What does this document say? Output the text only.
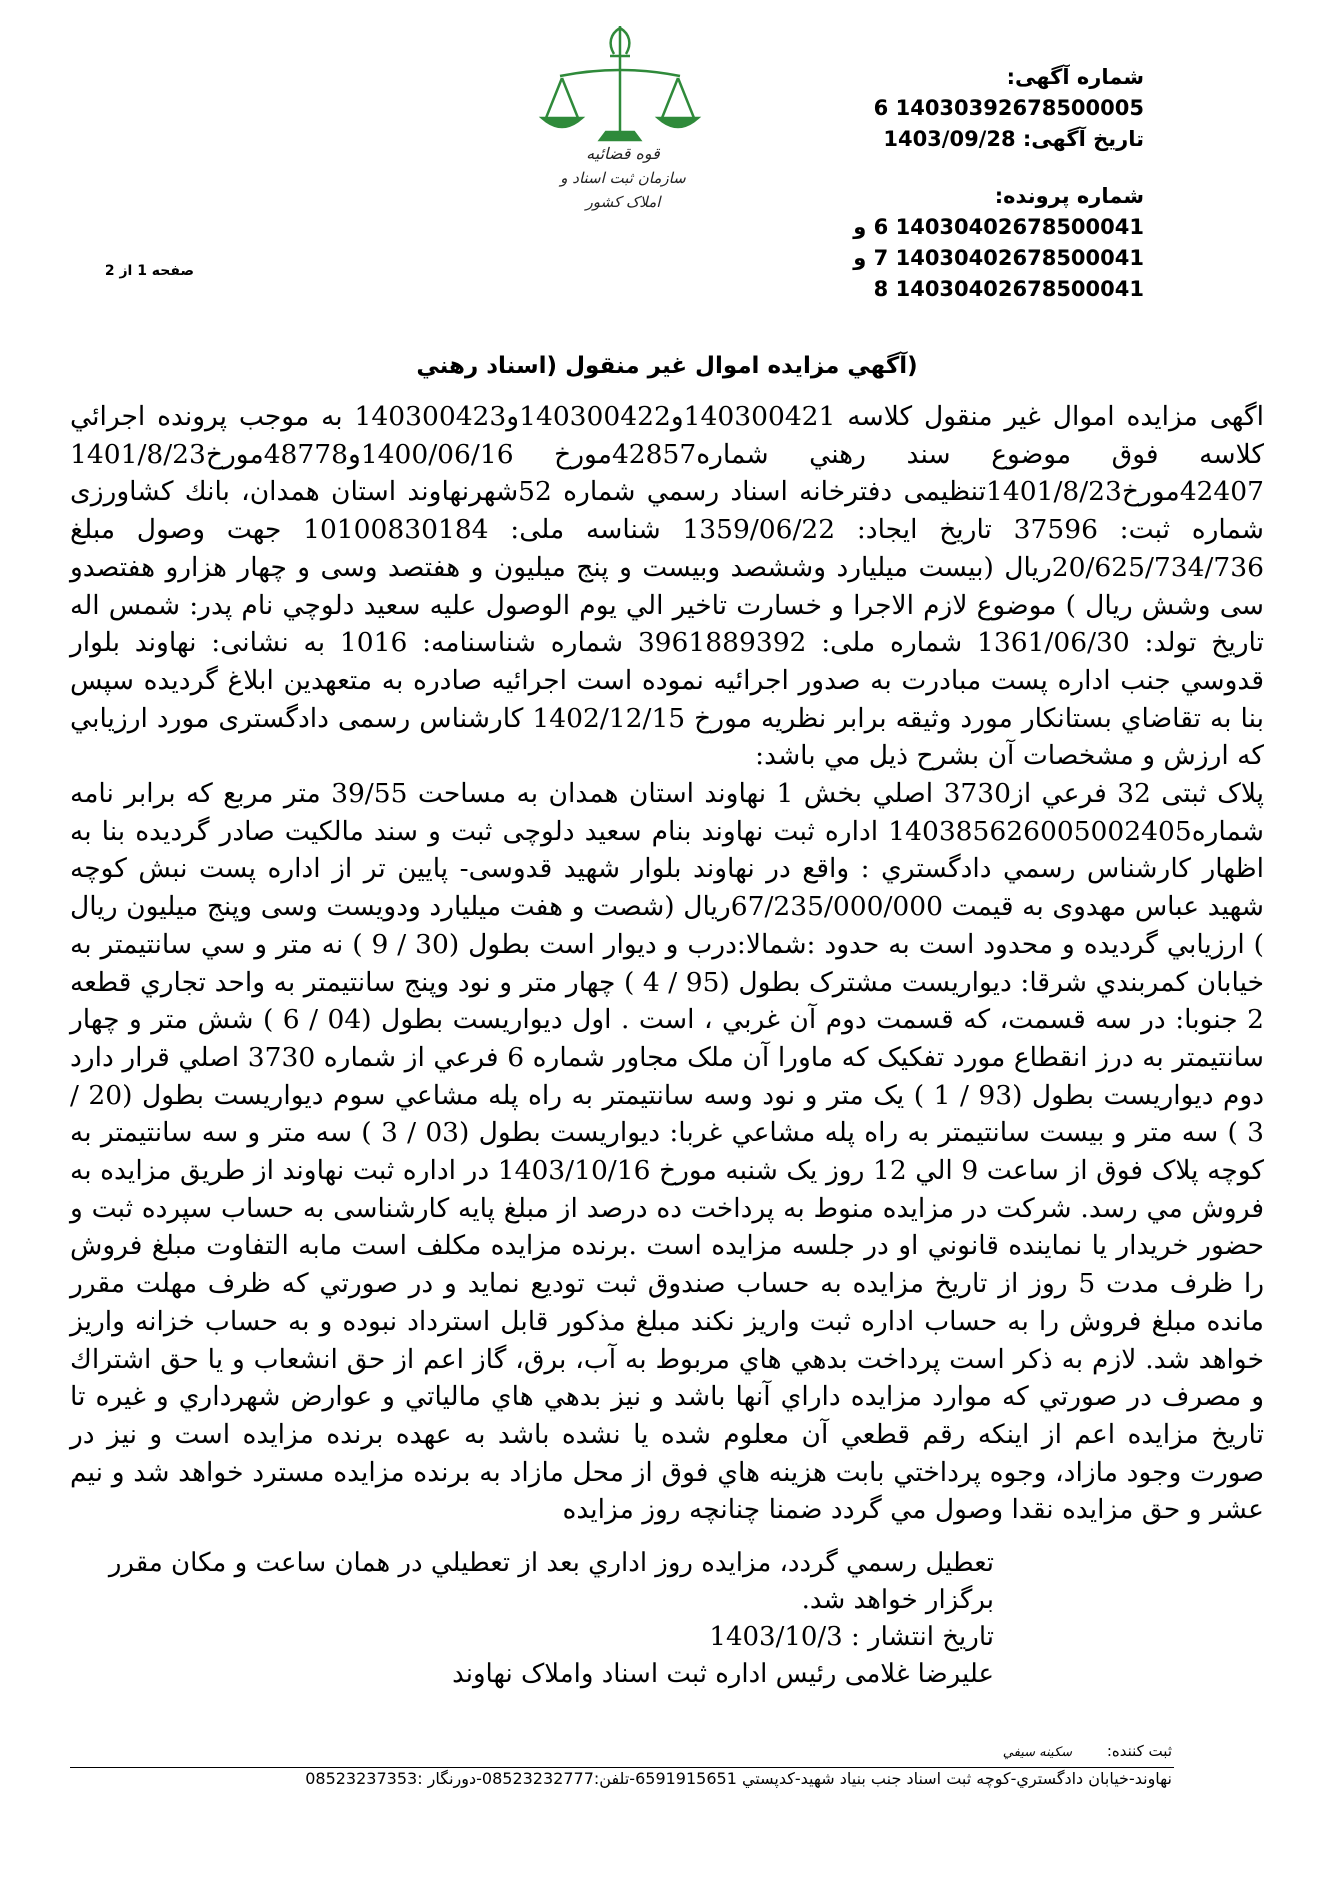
قوه قضائيه
سازمان ثبت اسناد و املاک كشور
شماره آگهی: 14030392678500005 6
تاریخ آگهی: 1403/09/28
شماره پرونده: 14030402678500041 6 و
14030402678500041 7 و
14030402678500041 8
صفحه 1 از 2
(آگهي مزايده اموال غير منقول (اسناد رهني

اگهی مزايده اموال غير منقول كلاسه 140300421و140300422و140300423 به موجب پرونده اجرائي كلاسه فوق موضوع سند رهني شماره42857مورخ 1400/06/16و48778مورخ1401/8/23 42407مورخ1401/8/23تنظيمی دفترخانه اسناد رسمي شماره 52شهرنهاوند استان همدان، بانك كشاورزی شماره ثبت: 37596 تاريخ ايجاد: 1359/06/22 شناسه ملی: 10100830184 جهت وصول مبلغ 20/625/734/736ريال (بيست ميليارد وششصد وبيست و پنج ميليون و هفتصد وسی و چهار هزارو هفتصدو سی وشش ريال ) موضوع لازم الاجرا و خسارت تاخير الي يوم الوصول عليه سعيد دلوچي نام پدر: شمس اله تاريخ تولد: 1361/06/30 شماره ملی: 3961889392 شماره شناسنامه: 1016 به نشانی: نهاوند بلوار قدوسي جنب اداره پست مبادرت به صدور اجرائيه نموده است اجرائيه صادره به متعهدين ابلاغ گرديده سپس بنا به تقاضاي بستانكار مورد وثيقه برابر نظريه مورخ 1402/12/15 كارشناس رسمی دادگستری مورد ارزيابي كه ارزش و مشخصات آن بشرح ذيل مي باشد:

پلاک ثبتی 32 فرعي از3730 اصلي بخش 1 نهاوند استان همدان به مساحت 39/55 متر مربع كه برابر نامه شماره140385626005002405 اداره ثبت نهاوند بنام سعيد دلوچی ثبت و سند مالكيت صادر گرديده بنا به اظهار كارشناس رسمي دادگستري : واقع در نهاوند بلوار شهيد قدوسی- پايين تر از اداره پست نبش كوچه شهيد عباس مهدوی به قيمت 67/235/000/000ريال (شصت و هفت ميليارد ودويست وسی وپنج ميليون ريال ) ارزيابي گرديده و محدود است به حدود :شمالا:درب و ديوار است بطول (30 / 9 ) نه متر و سي سانتيمتر به خيابان كمربندي شرقا: ديواريست مشترک بطول (95 / 4 ) چهار متر و نود وپنج سانتيمتر به واحد تجاري قطعه 2 جنوبا: در سه قسمت، كه قسمت دوم آن غربي ، است . اول ديواريست بطول (04 / 6 ) شش متر و چهار سانتيمتر به درز انقطاع مورد تفكيک كه ماورا آن ملک مجاور شماره 6 فرعي از شماره 3730 اصلي قرار دارد دوم ديواريست بطول (93 / 1 ) يک متر و نود وسه سانتيمتر به راه پله مشاعي سوم ديواريست بطول (20 / 3 ) سه متر و بيست سانتيمتر به راه پله مشاعي غربا: ديواريست بطول (03 / 3 ) سه متر و سه سانتيمتر به كوچه پلاک فوق از ساعت 9 الي 12 روز يک شنبه مورخ 1403/10/16 در اداره ثبت نهاوند از طريق مزايده به فروش مي رسد. شركت در مزايده منوط به پرداخت ده درصد از مبلغ پايه كارشناسی به حساب سپرده ثبت و حضور خريدار يا نماينده قانوني او در جلسه مزايده است .برنده مزايده مكلف است مابه التفاوت مبلغ فروش را ظرف مدت 5 روز از تاريخ مزايده به حساب صندوق ثبت توديع نمايد و در صورتي كه ظرف مهلت مقرر مانده مبلغ فروش را به حساب اداره ثبت واريز نكند مبلغ مذكور قابل استرداد نبوده و به حساب خزانه واريز خواهد شد. لازم به ذكر است پرداخت بدهي هاي مربوط به آب، برق، گاز اعم از حق انشعاب و يا حق اشتراك و مصرف در صورتي كه موارد مزايده داراي آنها باشد و نيز بدهي هاي مالياتي و عوارض شهرداري و غيره تا تاريخ مزايده اعم از اينكه رقم قطعي آن معلوم شده يا نشده باشد به عهده برنده مزايده است و نيز در صورت وجود مازاد، وجوه پرداختي بابت هزينه هاي فوق از محل مازاد به برنده مزايده مسترد خواهد شد و نيم عشر و حق مزايده نقدا وصول مي گردد ضمنا چنانچه روز مزايده

تعطيل رسمي گردد، مزايده روز اداري بعد از تعطيلي در همان ساعت و مكان مقرر برگزار خواهد شد.

تاريخ انتشار : 1403/10/3

عليرضا غلامی رئيس اداره ثبت اسناد واملاک نهاوند

ثبت كننده: سكينه سيفي
نهاوند-خيابان دادگستري-كوچه ثبت اسناد جنب بنياد شهيد-كدپستي 6591915651-تلفن:08523232777-دورنگار :08523237353
